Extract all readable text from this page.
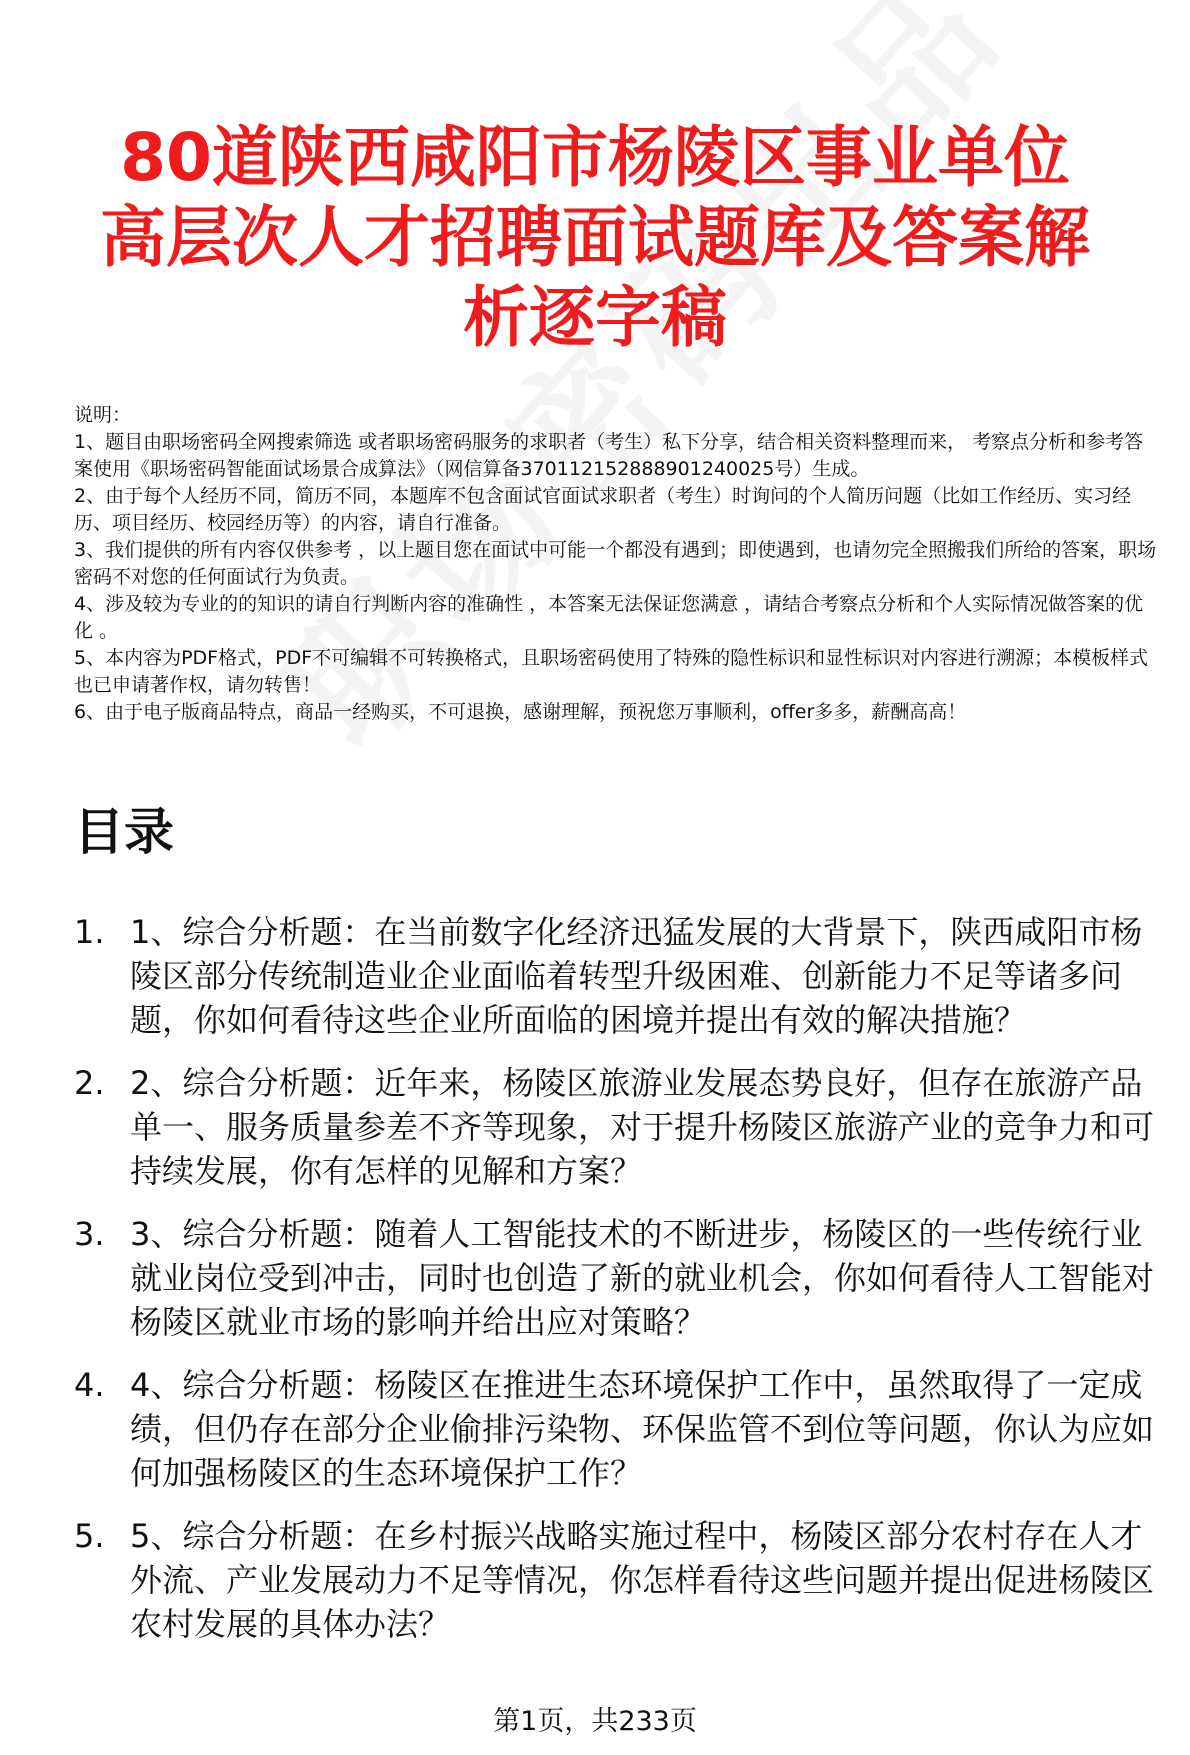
80道陕西咸阳市杨陵区事业单位高层次人才招聘面试题库及答案解析逐字稿

说明：

1、题目由职场密码全网搜索筛选 或者职场密码服务的求职者（考生）私下分享，结合相关资料整理而来， 考察点分析和参考答案使用《职场密码智能面试场景合成算法》（网信算备370112152888901240025号）生成。

2、由于每个人经历不同，简历不同，本题库不包含面试官面试求职者（考生）时询问的个人简历问题（比如工作经历、实习经历、项目经历、校园经历等）的内容，请自行准备。

3、我们提供的所有内容仅供参考 ，以上题目您在面试中可能一个都没有遇到；即使遇到，也请勿完全照搬我们所给的答案，职场密码不对您的任何面试行为负责。

4、涉及较为专业的的知识的请自行判断内容的准确性 ，本答案无法保证您满意 ，请结合考察点分析和个人实际情况做答案的优化 。

5、本内容为PDF格式，PDF不可编辑不可转换格式，且职场密码使用了特殊的隐性标识和显性标识对内容进行溯源；本模板样式也已申请著作权，请勿转售！

6、由于电子版商品特点，商品一经购买，不可退换，感谢理解，预祝您万事顺利，offer多多，薪酬高高！

目录
1. 1、综合分析题：在当前数字化经济迅猛发展的大背景下，陕西咸阳市杨陵区部分传统制造业企业面临着转型升级困难、创新能力不足等诸多问题，你如何看待这些企业所面临的困境并提出有效的解决措施？
2. 2、综合分析题：近年来，杨陵区旅游业发展态势良好，但存在旅游产品单一、服务质量参差不齐等现象，对于提升杨陵区旅游产业的竞争力和可持续发展，你有怎样的见解和方案？
3. 3、综合分析题：随着人工智能技术的不断进步，杨陵区的一些传统行业就业岗位受到冲击，同时也创造了新的就业机会，你如何看待人工智能对杨陵区就业市场的影响并给出应对策略？
4. 4、综合分析题：杨陵区在推进生态环境保护工作中，虽然取得了一定成绩，但仍存在部分企业偷排污染物、环保监管不到位等问题，你认为应如何加强杨陵区的生态环境保护工作？
5. 5、综合分析题：在乡村振兴战略实施过程中，杨陵区部分农村存在人才外流、产业发展动力不足等情况，你怎样看待这些问题并提出促进杨陵区农村发展的具体办法？
第1页，共233页
